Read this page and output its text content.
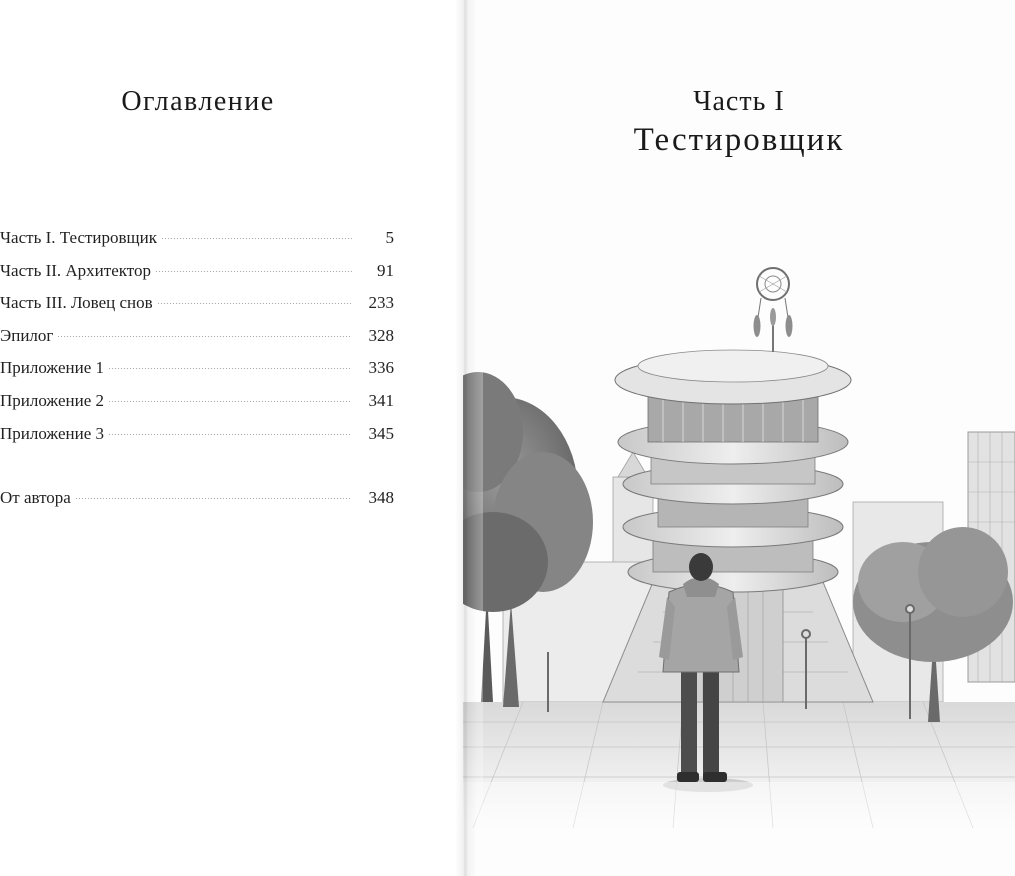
Оглавление
Часть I. Тестировщик	5
Часть II. Архитектор	91
Часть III. Ловец снов	233
Эпилог	328
Приложение 1	336
Приложение 2	341
Приложение 3	345
От автора	348
Часть I
Тестировщик
